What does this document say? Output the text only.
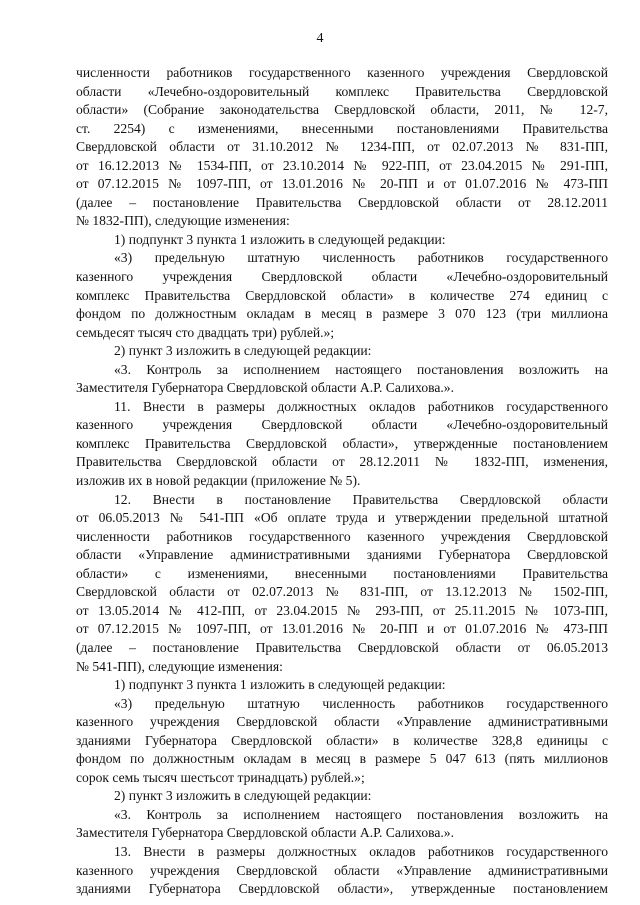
4
численности работников государственного казенного учреждения Свердловской
области «Лечебно-оздоровительный комплекс Правительства Свердловской
области» (Собрание законодательства Свердловской области, 2011, № 12-7,
ст. 2254) с изменениями, внесенными постановлениями Правительства
Свердловской области от 31.10.2012 № 1234-ПП, от 02.07.2013 № 831-ПП,
от 16.12.2013 № 1534-ПП, от 23.10.2014 № 922-ПП, от 23.04.2015 № 291-ПП,
от 07.12.2015 № 1097-ПП, от 13.01.2016 № 20-ПП и от 01.07.2016 № 473-ПП
(далее – постановление Правительства Свердловской области от 28.12.2011
№ 1832-ПП), следующие изменения:
1) подпункт 3 пункта 1 изложить в следующей редакции:
«3) предельную штатную численность работников государственного
казенного учреждения Свердловской области «Лечебно-оздоровительный
комплекс Правительства Свердловской области» в количестве 274 единиц с
фондом по должностным окладам в месяц в размере 3 070 123 (три миллиона
семьдесят тысяч сто двадцать три) рублей.»;
2) пункт 3 изложить в следующей редакции:
«3. Контроль за исполнением настоящего постановления возложить на
Заместителя Губернатора Свердловской области А.Р. Салихова.».
11. Внести в размеры должностных окладов работников государственного
казенного учреждения Свердловской области «Лечебно-оздоровительный
комплекс Правительства Свердловской области», утвержденные постановлением
Правительства Свердловской области от 28.12.2011 № 1832-ПП, изменения,
изложив их в новой редакции (приложение № 5).
12. Внести в постановление Правительства Свердловской области
от 06.05.2013 № 541-ПП «Об оплате труда и утверждении предельной штатной
численности работников государственного казенного учреждения Свердловской
области «Управление административными зданиями Губернатора Свердловской
области» с изменениями, внесенными постановлениями Правительства
Свердловской области от 02.07.2013 № 831-ПП, от 13.12.2013 № 1502-ПП,
от 13.05.2014 № 412-ПП, от 23.04.2015 № 293-ПП, от 25.11.2015 № 1073-ПП,
от 07.12.2015 № 1097-ПП, от 13.01.2016 № 20-ПП и от 01.07.2016 № 473-ПП
(далее – постановление Правительства Свердловской области от 06.05.2013
№ 541-ПП), следующие изменения:
1) подпункт 3 пункта 1 изложить в следующей редакции:
«3) предельную штатную численность работников государственного
казенного учреждения Свердловской области «Управление административными
зданиями Губернатора Свердловской области» в количестве 328,8 единицы с
фондом по должностным окладам в месяц в размере 5 047 613 (пять миллионов
сорок семь тысяч шестьсот тринадцать) рублей.»;
2) пункт 3 изложить в следующей редакции:
«3. Контроль за исполнением настоящего постановления возложить на
Заместителя Губернатора Свердловской области А.Р. Салихова.».
13. Внести в размеры должностных окладов работников государственного
казенного учреждения Свердловской области «Управление административными
зданиями Губернатора Свердловской области», утвержденные постановлением
